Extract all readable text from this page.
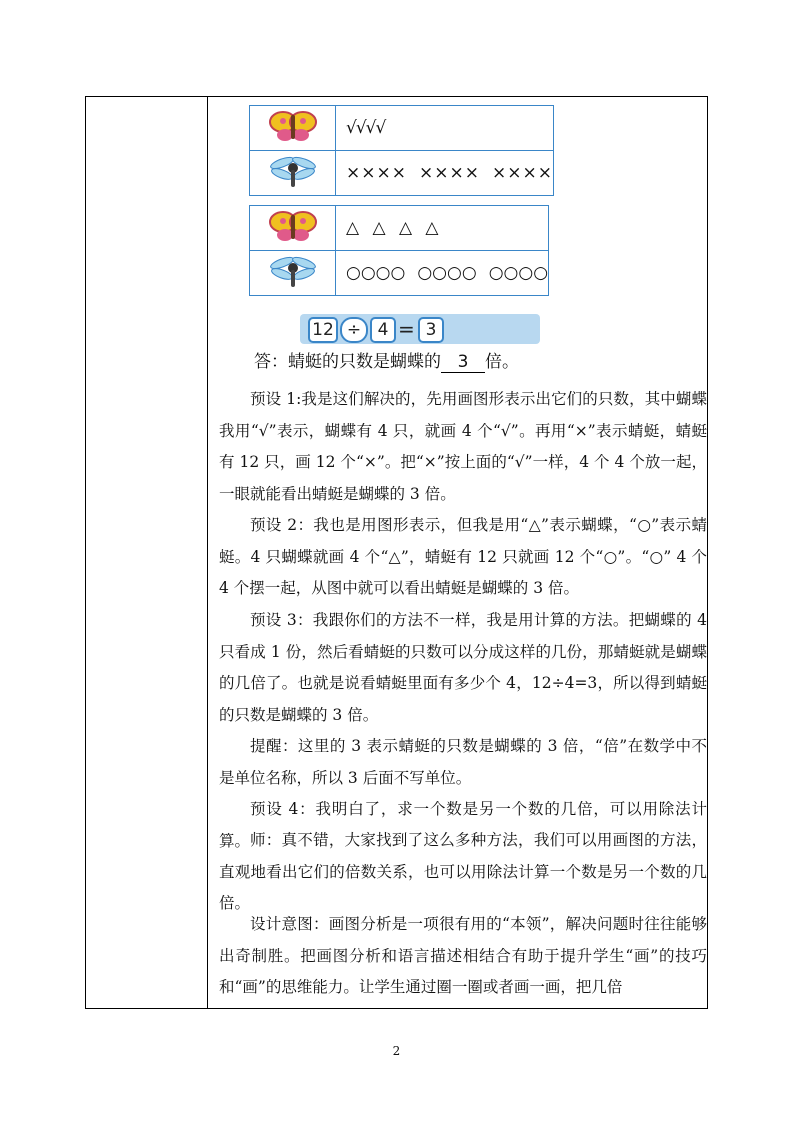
	√√√√
	×××× ×××× ××××
	△ △ △ △
	○○○○ ○○○○ ○○○○
12 ÷ 4 = 3
答：蜻蜓的只数是蝴蝶的 3 倍。
预设 1:我是这们解决的，先用画图形表示出它们的只数，其中蝴蝶我用“√”表示，蝴蝶有 4 只，就画 4 个“√”。再用“×”表示蜻蜓，蜻蜓有 12 只，画 12 个“×”。把“×”按上面的“√”一样，4 个 4 个放一起，一眼就能看出蜻蜓是蝴蝶的 3 倍。
预设 2：我也是用图形表示，但我是用“△”表示蝴蝶，“○”表示蜻蜓。4 只蝴蝶就画 4 个“△”，蜻蜓有 12 只就画 12 个“○”。“○” 4 个 4 个摆一起，从图中就可以看出蜻蜓是蝴蝶的 3 倍。
预设 3：我跟你们的方法不一样，我是用计算的方法。把蝴蝶的 4 只看成 1 份，然后看蜻蜓的只数可以分成这样的几份，那蜻蜓就是蝴蝶的几倍了。也就是说看蜻蜓里面有多少个 4，12÷4=3，所以得到蜻蜓的只数是蝴蝶的 3 倍。
提醒：这里的 3 表示蜻蜓的只数是蝴蝶的 3 倍，“倍”在数学中不是单位名称，所以 3 后面不写单位。
预设 4：我明白了，求一个数是另一个数的几倍，可以用除法计算。 师：真不错，大家找到了这么多种方法，我们可以用画图的方法，直观地看出它们的倍数关系，也可以用除法计算一个数是另一个数的几倍。
设计意图：画图分析是一项很有用的“本领”，解决问题时往往能够出奇制胜。把画图分析和语言描述相结合有助于提升学生“画”的技巧和“画”的思维能力。让学生通过圈一圈或者画一画，把几倍
2
